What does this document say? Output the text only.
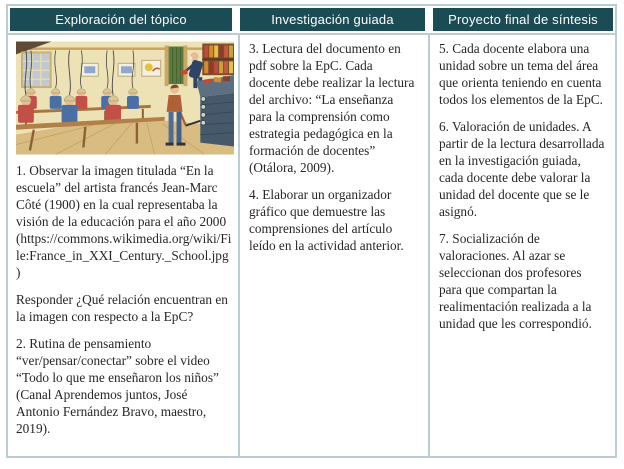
Exploración del tópico	Investigación guiada	Proyecto final de síntesis

1. Observar la imagen titulada “En la escuela” del artista francés Jean-Marc Côté (1900) en la cual representaba la visión de la educación para el año 2000 (https://commons.wikimedia.org/wiki/File:France_in_XXI_Century._School.jpg)

Responder ¿Qué relación encuentran en la imagen con respecto a la EpC?

2. Rutina de pensamiento “ver/pensar/conectar” sobre el video “Todo lo que me enseñaron los niños” (Canal Aprendemos juntos, José Antonio Fernández Bravo, maestro, 2019).

3. Lectura del documento en pdf sobre la EpC. Cada docente debe realizar la lectura del archivo: “La enseñanza para la comprensión como estrategia pedagógica en la formación de docentes” (Otálora, 2009).

4. Elaborar un organizador gráfico que demuestre las comprensiones del artículo leído en la actividad anterior.

5. Cada docente elabora una unidad sobre un tema del área que orienta teniendo en cuenta todos los elementos de la EpC.

6. Valoración de unidades. A partir de la lectura desarrollada en la investigación guiada, cada docente debe valorar la unidad del docente que se le asignó.

7. Socialización de valoraciones. Al azar se seleccionan dos profesores para que compartan la realimentación realizada a la unidad que les correspondió.
